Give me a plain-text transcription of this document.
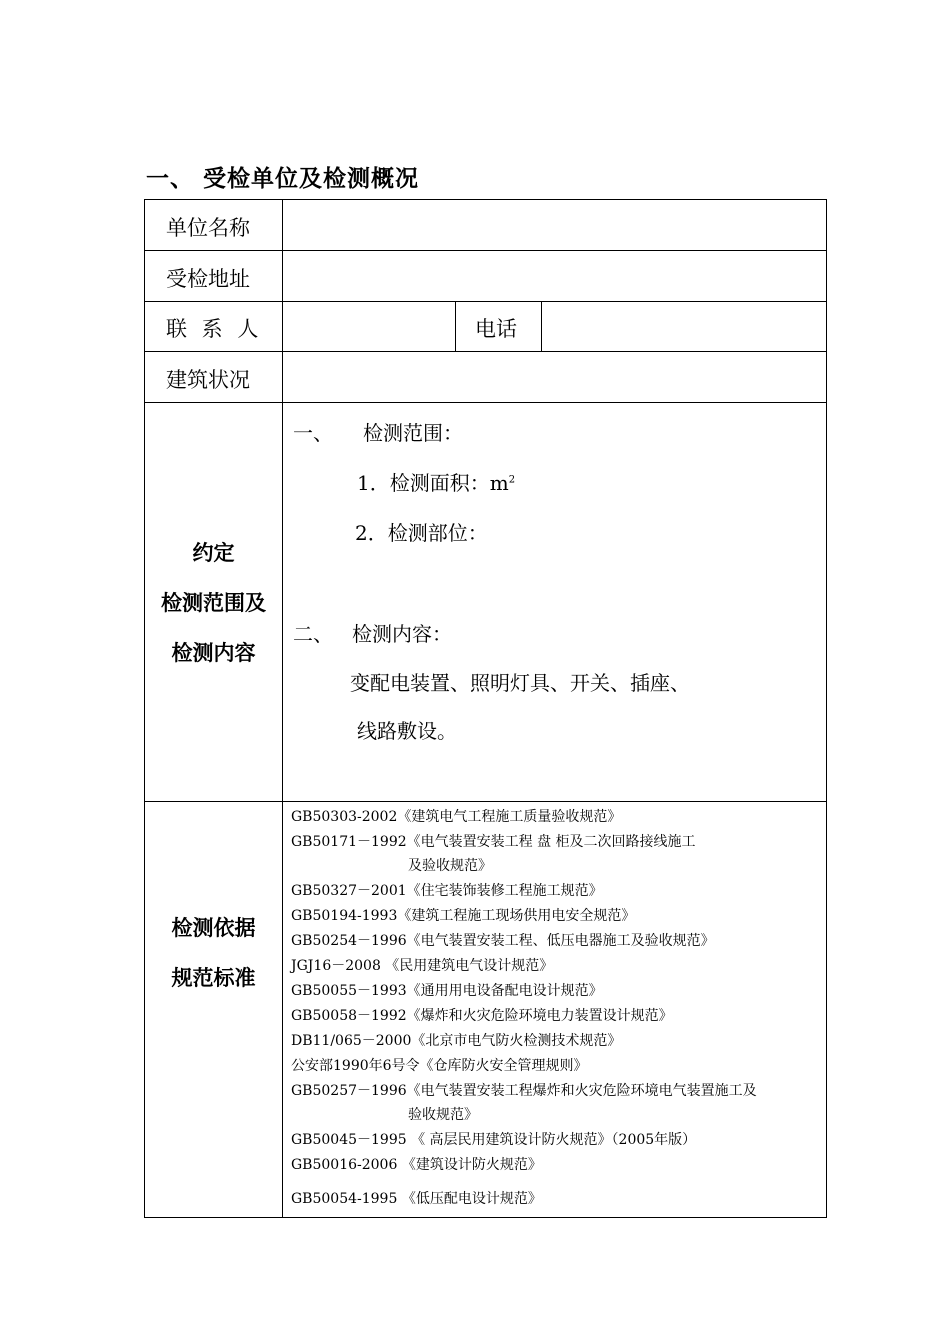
一、 受检单位及检测概况
单位名称
受检地址
联 系 人	电话
建筑状况
约定
检测范围及
检测内容
一、 检测范围：
1．检测面积：$m^2$
2．检测部位：
二、 检测内容：
变配电装置、照明灯具、开关、插座、
线路敷设。
检测依据
规范标准
GB50303-2002《建筑电气工程施工质量验收规范》
GB50171－1992《电气装置安装工程 盘 柜及二次回路接线施工
及验收规范》
GB50327－2001《住宅装饰装修工程施工规范》
GB50194-1993《建筑工程施工现场供用电安全规范》
GB50254－1996《电气装置安装工程、低压电器施工及验收规范》
JGJ16－2008 《民用建筑电气设计规范》
GB50055－1993《通用用电设备配电设计规范》
GB50058－1992《爆炸和火灾危险环境电力装置设计规范》
DB11/065－2000《北京市电气防火检测技术规范》
公安部1990年6号令《仓库防火安全管理规则》
GB50257－1996《电气装置安装工程爆炸和火灾危险环境电气装置施工及
验收规范》
GB50045－1995 《 高层民用建筑设计防火规范》（2005年版）
GB50016-2006 《建筑设计防火规范》
GB50054-1995 《低压配电设计规范》
